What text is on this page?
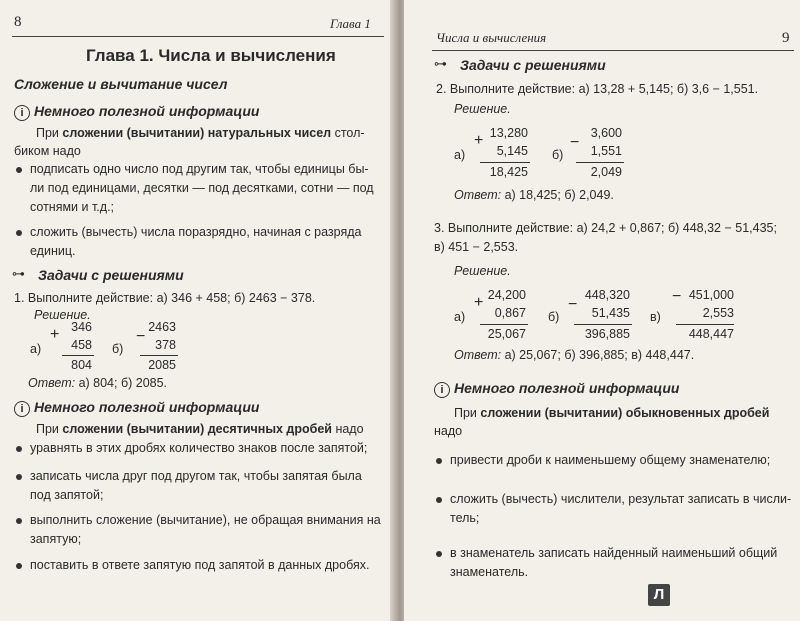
8	Глава 1
Глава 1. Числа и вычисления
Сложение и вычитание чисел
i Немного полезной информации
При сложении (вычитании) натуральных чисел стол-
биком надо
подписать одно число под другим так, чтобы единицы бы-
ли под единицами, десятки — под десятками, сотни — под
сотнями и т.д.;
сложить (вычесть) числа поразрядно, начиная с разряда
единиц.
⊶ Задачи с решениями
1. Выполните действие: а) 346 + 458; б) 2463 − 378.
Решение.
а)
+ 346
458
804
б)
−
2463
378
2085
Ответ: а) 804; б) 2085.
i Немного полезной информации
При сложении (вычитании) десятичных дробей надо
уравнять в этих дробях количество знаков после запятой;
записать числа друг под другом так, чтобы запятая была
под запятой;
выполнить сложение (вычитание), не обращая внимания на
запятую;
поставить в ответе запятую под запятой в данных дробях.
Числа и вычисления	9
⊶ Задачи с решениями
2. Выполните действие: а) 13,28 + 5,145; б) 3,6 − 1,551.
Решение.
а)
+ 13,280
5,145
18,425
б)
−
3,600
1,551
2,049
Ответ: а) 18,425; б) 2,049.
3. Выполните действие: а) 24,2 + 0,867; б) 448,32 − 51,435;
в) 451 − 2,553.
Решение.
а)
+ 24,200
0,867
25,067
б)
−
448,320
51,435
396,885
в)
− 451,000
2,553
448,447
Ответ: а) 25,067; б) 396,885; в) 448,447.
i Немного полезной информации
При сложении (вычитании) обыкновенных дробей
надо
привести дроби к наименьшему общему знаменателю;
сложить (вычесть) числители, результат записать в числи-
тель;
в знаменатель записать найденный наименьший общий
знаменатель.
Л
